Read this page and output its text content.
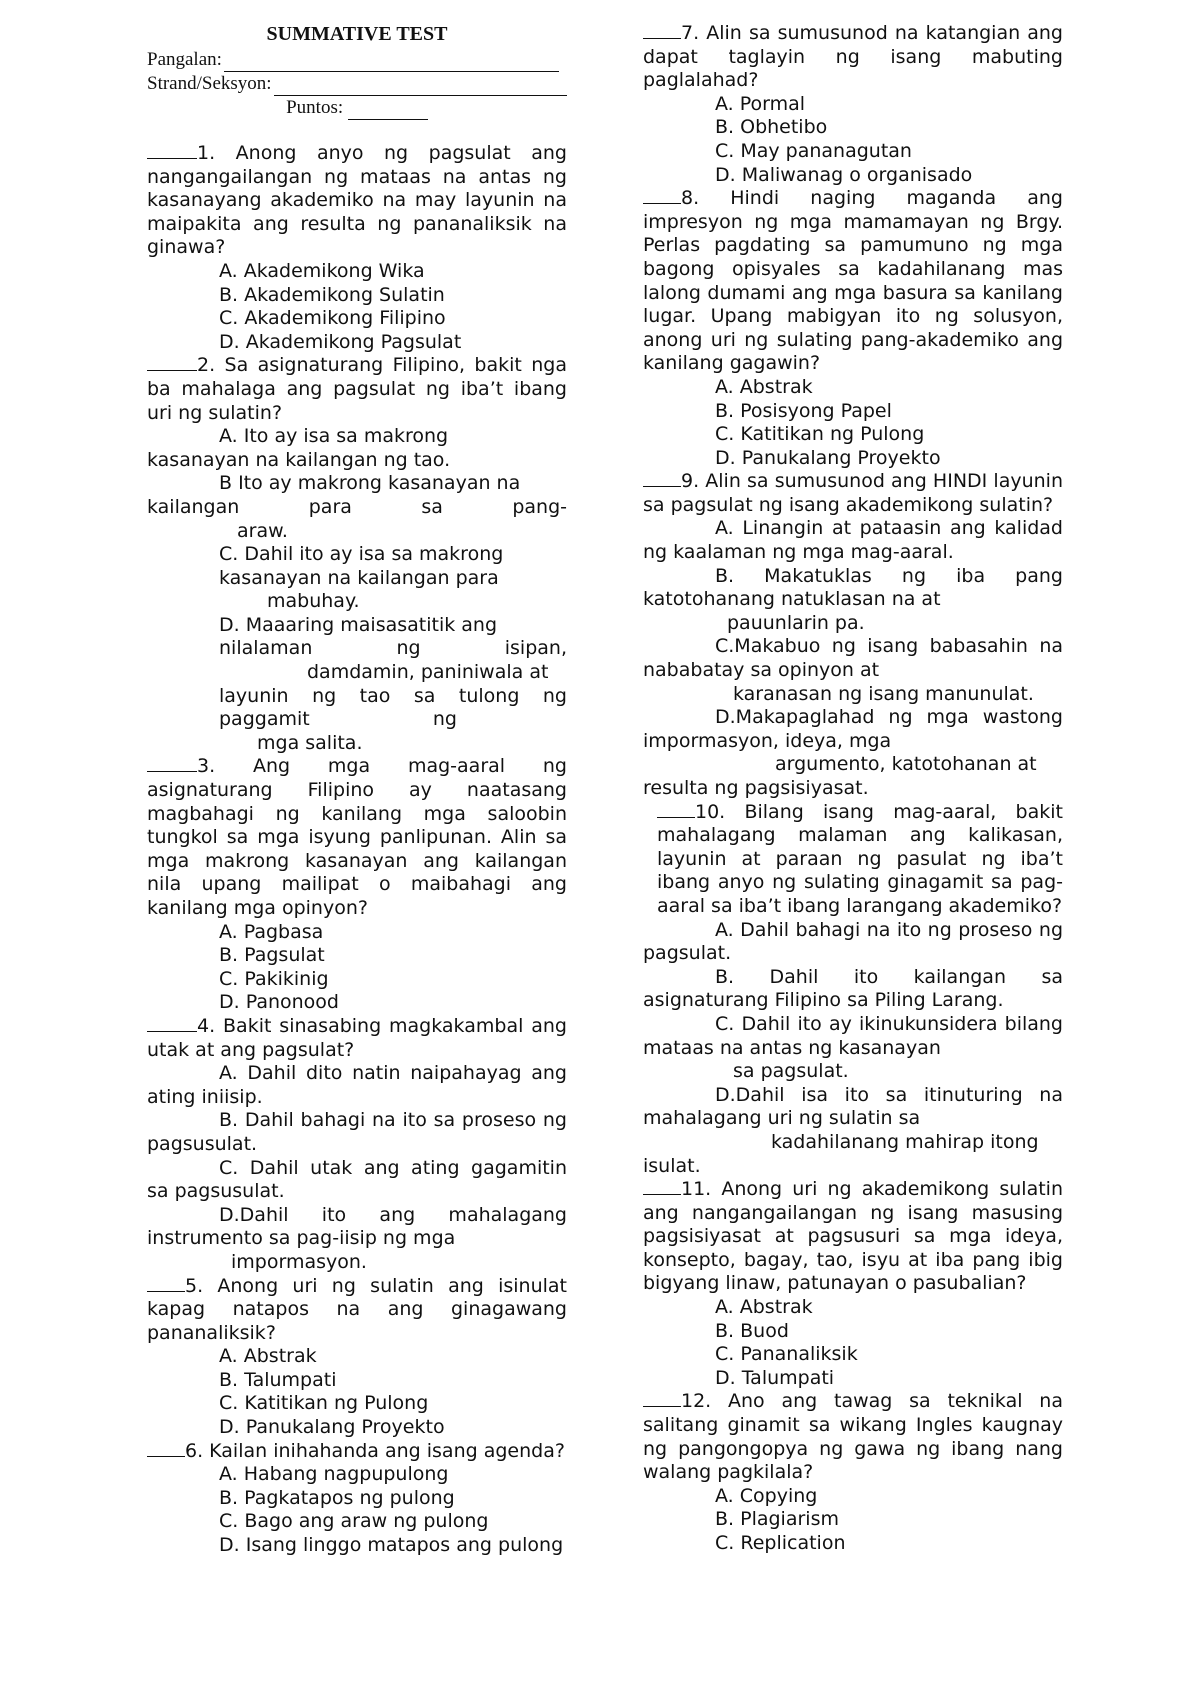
SUMMATIVE TEST
Pangalan:
Strand/Seksyon:
Puntos:

1. Anong anyo ng pagsulat ang nangangailangan ng mataas na antas ng kasanayang akademiko na may layunin na maipakita ang resulta ng pananaliksik na ginawa?

A. Akademikong Wika

B. Akademikong Sulatin

C. Akademikong Filipino

D. Akademikong Pagsulat

2. Sa asignaturang Filipino, bakit nga ba mahalaga ang pagsulat ng iba’t ibang uri ng sulatin?

A. Ito ay isa sa makrong

kasanayan na kailangan ng tao.

B Ito ay makrong kasanayan na

kailangan para sa pang-

araw.

C. Dahil ito ay isa sa makrong

kasanayan na kailangan para

mabuhay.

D. Maaaring maisasatitik ang

nilalaman ng isipan,

damdamin, paniniwala at

layunin ng tao sa tulong ng

paggamit ng

mga salita.

3. Ang mga mag-aaral ng asignaturang Filipino ay naatasang magbahagi ng kanilang mga saloobin tungkol sa mga isyung panlipunan. Alin sa mga makrong kasanayan ang kailangan nila upang mailipat o maibahagi ang kanilang mga opinyon?

A. Pagbasa

B. Pagsulat

C. Pakikinig

D. Panonood

4. Bakit sinasabing magkakambal ang utak at ang pagsulat?

A. Dahil dito natin naipahayag ang ating iniisip.

B. Dahil bahagi na ito sa proseso ng pagsusulat.

C. Dahil utak ang ating gagamitin sa pagsusulat.

D.Dahil ito ang mahalagang instrumento sa pag-iisip ng mga

impormasyon.

5. Anong uri ng sulatin ang isinulat kapag natapos na ang ginagawang pananaliksik?

A. Abstrak

B. Talumpati

C. Katitikan ng Pulong

D. Panukalang Proyekto

6. Kailan inihahanda ang isang agenda?

A. Habang nagpupulong

B. Pagkatapos ng pulong

C. Bago ang araw ng pulong

D. Isang linggo matapos ang pulong

7. Alin sa sumusunod na katangian ang dapat taglayin ng isang mabuting paglalahad?

A. Pormal

B. Obhetibo

C. May pananagutan

D. Maliwanag o organisado

8. Hindi naging maganda ang impresyon ng mga mamamayan ng Brgy. Perlas pagdating sa pamumuno ng mga bagong opisyales sa kadahilanang mas lalong dumami ang mga basura sa kanilang lugar. Upang mabigyan ito ng solusyon, anong uri ng sulating pang-akademiko ang kanilang gagawin?

A. Abstrak

B. Posisyong Papel

C. Katitikan ng Pulong

D. Panukalang Proyekto

9. Alin sa sumusunod ang HINDI layunin sa pagsulat ng isang akademikong sulatin?

A. Linangin at pataasin ang kalidad ng kaalaman ng mga mag-aaral.

B. Makatuklas ng iba pang katotohanang natuklasan na at

pauunlarin pa.

C.Makabuo ng isang babasahin na nababatay sa opinyon at

karanasan ng isang manunulat.

D.Makapaglahad ng mga wastong impormasyon, ideya, mga

argumento, katotohanan at

resulta ng pagsisiyasat.

10. Bilang isang mag-aaral, bakit mahalagang malaman ang kalikasan, layunin at paraan ng pasulat ng iba’t ibang anyo ng sulating ginagamit sa pag-aaral sa iba’t ibang larangang akademiko?

A. Dahil bahagi na ito ng proseso ng pagsulat.

B. Dahil ito kailangan sa asignaturang Filipino sa Piling Larang.

C. Dahil ito ay ikinukunsidera bilang mataas na antas ng kasanayan

sa pagsulat.

D.Dahil isa ito sa itinuturing na mahalagang uri ng sulatin sa

kadahilanang mahirap itong

isulat.

11. Anong uri ng akademikong sulatin ang nangangailangan ng isang masusing pagsisiyasat at pagsusuri sa mga ideya, konsepto, bagay, tao, isyu at iba pang ibig bigyang linaw, patunayan o pasubalian?

A. Abstrak

B. Buod

C. Pananaliksik

D. Talumpati

12. Ano ang tawag sa teknikal na salitang ginamit sa wikang Ingles kaugnay ng pangongopya ng gawa ng ibang nang walang pagkilala?

A. Copying

B. Plagiarism

C. Replication
